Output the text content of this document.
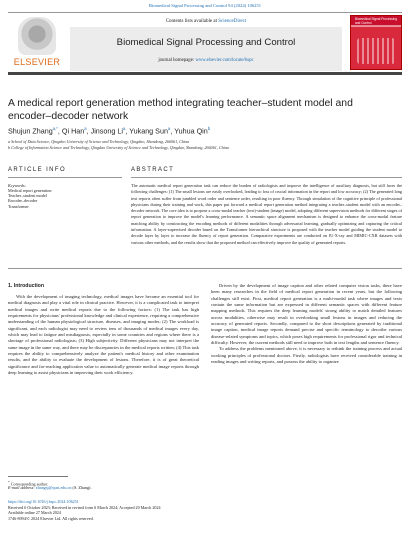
Biomedical Signal Processing and Control 94 (2024) 106251
ELSEVIER
Contents lists available at ScienceDirect
Biomedical Signal Processing and Control
journal homepage: www.elsevier.com/locate/bspc
Biomedical Signal Processing and Control
A medical report generation method integrating teacher–student model and
encoder–decoder network
Shujun Zhang$^{a,*}$, Qi Han$^a$, Jinsong Li$^a$, Yukang Sun$^a$, Yuhua Qin$^b$
a School of Data Science, Qingdao University of Science and Technology, Qingdao, Shandong, 266061, China
b College of Information Science and Technology, Qingdao University of Science and Technology, Qingdao, Shandong, 266061, China
ARTICLE INFO	ABSTRACT
Keywords:
Medical report generation
Teacher–student model
Encoder–decoder
Transformer
The automatic medical report generation task can reduce the burden of radiologists and improve the intelligence of auxiliary diagnosis, but still faces the following challenges: (1) The small lesions are easily overlooked, leading to loss of crucial information in the report and low accuracy; (2) The generated long text reports often suffer from jumbled word order and sentence order, resulting in poor fluency. Through simulation of the cognitive principle of professional physicians during their training and work, this paper put forward a medical report generation method integrating a teacher–student model with an encoder–decoder network. The core idea is to propose a cross-modal teacher (text)-student (image) model, adopting different supervision methods for different stages of report generation to improve the model's learning performance. A semantic space alignment mechanism is designed to enhance the cross-modal feature matching ability by constructing the encoding methods of different modalities through adversarial learning, gradually optimizing and capturing the critical information. A layer-supervised decoder based on the Transformer hierarchical structure is proposed with the teacher model guiding the student model to decode layer by layer to increase the fluency of report generation. Comparative experiments are conducted on IU-X-ray and MIMIC-CXR datasets with various other methods, and the results show that the proposed method can effectively improve the quality of generated reports.
1. Introduction

With the development of imaging technology, medical images have become an essential tool for medical diagnosis and play a vital role in clinical practice. However, it is a complicated task to interpret medical images and write medical reports due to the following factors: (1) The task has high requirements for physicians' professional knowledge and clinical experience, requiring a comprehensive understanding of the human physiological structure, diseases, and imaging modes; (2) The workload is significant, and each radiologist may need to review tens of thousands of medical images every day, which may lead to fatigue and misdiagnosis, especially in some countries and regions where there is a shortage of professional radiologists; (3) High subjectivity. Different physicians may not interpret the same image in the same way, and there may be discrepancies in the medical reports written; (4) This task requires the ability to comprehensively analyze the patient's medical history and other examination results, and the ability to evaluate the development of lesions. Therefore, it is of great theoretical significance and far-reaching application value to automatically generate medical image reports through deep learning to assist physicians in improving their work efficiency.

Driven by the development of image caption and other related computer vision tasks, there have been many researches in the field of medical report generation in recent years, but the following challenges still exist. First, medical report generation is a multi-modal task where images and texts contain the same information but are expressed in different semantic spaces with different feature mapping methods. This requires the deep learning models' strong ability to match detailed features across modalities, otherwise may result in overlooking small lesions in images and reducing the accuracy of generated reports. Secondly, compared to the short descriptions generated by traditional image caption, medical image reports demand precise and specific terminology to describe various disease-related symptoms and topics, which poses high requirements for professional rigor and technical difficulty. However, the current methods still need to improve both in text lengths and sentence fluency.

To address the problems mentioned above, it is necessary to rethink the training process and actual working principles of professional doctors. Firstly, radiologists have received considerable training in reading images and writing reports, and possess the ability to organize

* Corresponding author.
E-mail address: zhangsj@qust.edu.cn (S. Zhang).
https://doi.org/10.1016/j.bspc.2024.106251
Received 6 October 2023; Received in revised form 6 March 2024; Accepted 20 March 2024
Available online 27 March 2024
1746-8094/© 2024 Elsevier Ltd. All rights reserved.
